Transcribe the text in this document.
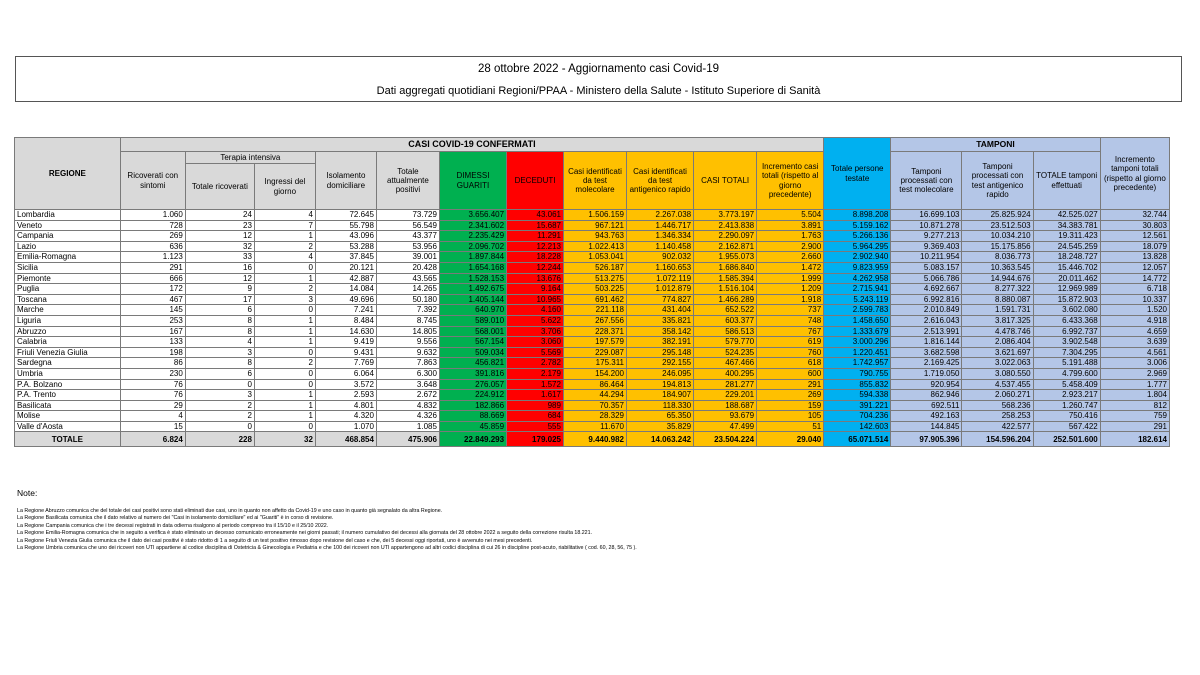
28 ottobre 2022 - Aggiornamento casi Covid-19
Dati aggregati quotidiani Regioni/PPAA - Ministero della Salute - Istituto Superiore di Sanità
REGIONE	CASI COVID-19 CONFERMATI											Totale persone testate	TAMPONI			Incremento tamponi totali (rispetto al giorno precedente)
	Ricoverati con sintomi	Terapia intensiva		Isolamento domiciliare	Totale attualmente positivi	DIMESSI GUARITI	DECEDUTI	Casi identificati da test molecolare	Casi identificati da test antigenico rapido	CASI TOTALI	Incremento casi totali (rispetto al giorno precedente)		Tamponi processati con test molecolare	Tamponi processati con test antigenico rapido	TOTALE tamponi effettuati	
		Totale ricoverati	Ingressi del giorno													
Lombardia	1.060	24	4	72.645	73.729	3.656.407	43.061	1.506.159	2.267.038	3.773.197	5.504	8.898.208	16.699.103	25.825.924	42.525.027	32.744
Veneto	728	23	7	55.798	56.549	2.341.602	15.687	967.121	1.446.717	2.413.838	3.891	5.159.162	10.871.278	23.512.503	34.383.781	30.803
Campania	269	12	1	43.096	43.377	2.235.429	11.291	943.763	1.346.334	2.290.097	1.763	5.266.136	9.277.213	10.034.210	19.311.423	12.561
Lazio	636	32	2	53.288	53.956	2.096.702	12.213	1.022.413	1.140.458	2.162.871	2.900	5.964.295	9.369.403	15.175.856	24.545.259	18.079
Emilia-Romagna	1.123	33	4	37.845	39.001	1.897.844	18.228	1.053.041	902.032	1.955.073	2.660	2.902.940	10.211.954	8.036.773	18.248.727	13.828
Sicilia	291	16	0	20.121	20.428	1.654.168	12.244	526.187	1.160.653	1.686.840	1.472	9.823.959	5.083.157	10.363.545	15.446.702	12.057
Piemonte	666	12	1	42.887	43.565	1.528.153	13.676	513.275	1.072.119	1.585.394	1.999	4.262.958	5.066.786	14.944.676	20.011.462	14.772
Puglia	172	9	2	14.084	14.265	1.492.675	9.164	503.225	1.012.879	1.516.104	1.209	2.715.941	4.692.667	8.277.322	12.969.989	6.718
Toscana	467	17	3	49.696	50.180	1.405.144	10.965	691.462	774.827	1.466.289	1.918	5.243.119	6.992.816	8.880.087	15.872.903	10.337
Marche	145	6	0	7.241	7.392	640.970	4.160	221.118	431.404	652.522	737	2.599.783	2.010.849	1.591.731	3.602.080	1.520
Liguria	253	8	1	8.484	8.745	589.010	5.622	267.556	335.821	603.377	748	1.458.650	2.616.043	3.817.325	6.433.368	4.918
Abruzzo	167	8	1	14.630	14.805	568.001	3.706	228.371	358.142	586.513	767	1.333.679	2.513.991	4.478.746	6.992.737	4.659
Calabria	133	4	1	9.419	9.556	567.154	3.060	197.579	382.191	579.770	619	3.000.296	1.816.144	2.086.404	3.902.548	3.639
Friuli Venezia Giulia	198	3	0	9.431	9.632	509.034	5.569	229.087	295.148	524.235	760	1.220.451	3.682.598	3.621.697	7.304.295	4.561
Sardegna	86	8	2	7.769	7.863	456.821	2.782	175.311	292.155	467.466	618	1.742.957	2.169.425	3.022.063	5.191.488	3.006
Umbria	230	6	0	6.064	6.300	391.816	2.179	154.200	246.095	400.295	600	790.755	1.719.050	3.080.550	4.799.600	2.969
P.A. Bolzano	76	0	0	3.572	3.648	276.057	1.572	86.464	194.813	281.277	291	855.832	920.954	4.537.455	5.458.409	1.777
P.A. Trento	76	3	1	2.593	2.672	224.912	1.617	44.294	184.907	229.201	269	594.338	862.946	2.060.271	2.923.217	1.804
Basilicata	29	2	1	4.801	4.832	182.866	989	70.357	118.330	188.687	159	391.221	692.511	568.236	1.260.747	812
Molise	4	2	1	4.320	4.326	88.669	684	28.329	65.350	93.679	105	704.236	492.163	258.253	750.416	759
Valle d'Aosta	15	0	0	1.070	1.085	45.859	555	11.670	35.829	47.499	51	142.603	144.845	422.577	567.422	291
TOTALE	6.824	228	32	468.854	475.906	22.849.293	179.025	9.440.982	14.063.242	23.504.224	29.040	65.071.514	97.905.396	154.596.204	252.501.600	182.614
Note:
La Regione Abruzzo comunica che del totale dei casi positivi sono stati eliminati due casi, uno in quanto non affetto da Covid-19 e uno caso in quanto già segnalato da altra Regione.
La Regione Basilicata comunica che il dato relativo al numero dei "Casi in isolamento domiciliare" ed ai "Guariti" è in corso di revisione.
La Regione Campania comunica che i tre decessi registrati in data odierna risalgono al periodo compreso tra il 15/10 e il 25/10 2022.
La Regione Emilia-Romagna comunica che in seguito a verifica è stato eliminato un decesso comunicato erroneamente nei giorni passati; il numero cumulativo dei decessi alla giornata del 28 ottobre 2022 a seguito della correzione risulta 18.221.
La Regione Friuli Venezia Giulia comunica che il dato dei casi positivi è stato ridotto di 1 a seguito di un test positivo rimosso dopo revisione del caso e che, dei 5 decessi oggi riportati, uno è avvenuto nei mesi precedenti.
La Regione Umbria comunica che uno dei ricoveri non UTI appartiene al codice disciplina di Ostetricia & Ginecologia e Pediatria e che 100 dei ricoveri non UTI appartengono ad altri codici disciplina di cui 26 in discipline post-acuto, riabilitative ( cod. 60, 28, 56, 75 ).
